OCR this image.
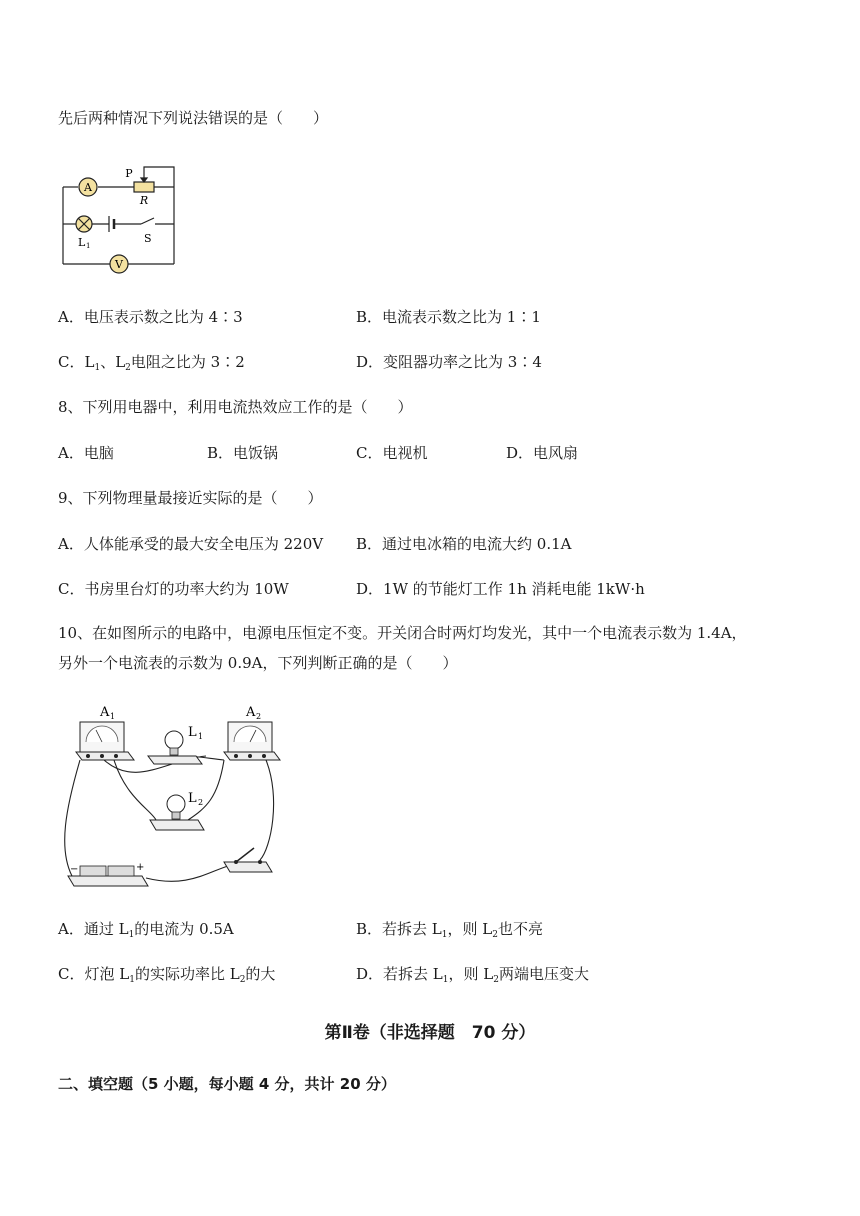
先后两种情况下列说法错误的是（　　）
A
P
R
L 1
S
V
A．电压表示数之比为 4∶3	B．电流表示数之比为 1∶1
C．$L_1$、$L_2$电阻之比为 3∶2	D．变阻器功率之比为 3∶4
8、下列用电器中，利用电流热效应工作的是（　　）
A．电脑	B．电饭锅	C．电视机	D．电风扇
9、下列物理量最接近实际的是（　　）
A．人体能承受的最大安全电压为 220V B．通过电冰箱的电流大约 0.1A
C．书房里台灯的功率大约为 10W	D．1W 的节能灯工作 1h 消耗电能 1kW·h
10、在如图所示的电路中，电源电压恒定不变。开关闭合时两灯均发光，其中一个电流表示数为 1.4A，
另外一个电流表的示数为 0.9A，下列判断正确的是（　　）
A 1
L 1
A 2
L 2
−	+
A．通过 $L_1$的电流为 0.5A	B．若拆去 $L_1$，则 $L_2$也不亮
C．灯泡 $L_1$的实际功率比 $L_2$的大	D．若拆去 $L_1$，则 $L_2$两端电压变大
第Ⅱ卷（非选择题　70 分）
二、填空题（5 小题，每小题 4 分，共计 20 分）
